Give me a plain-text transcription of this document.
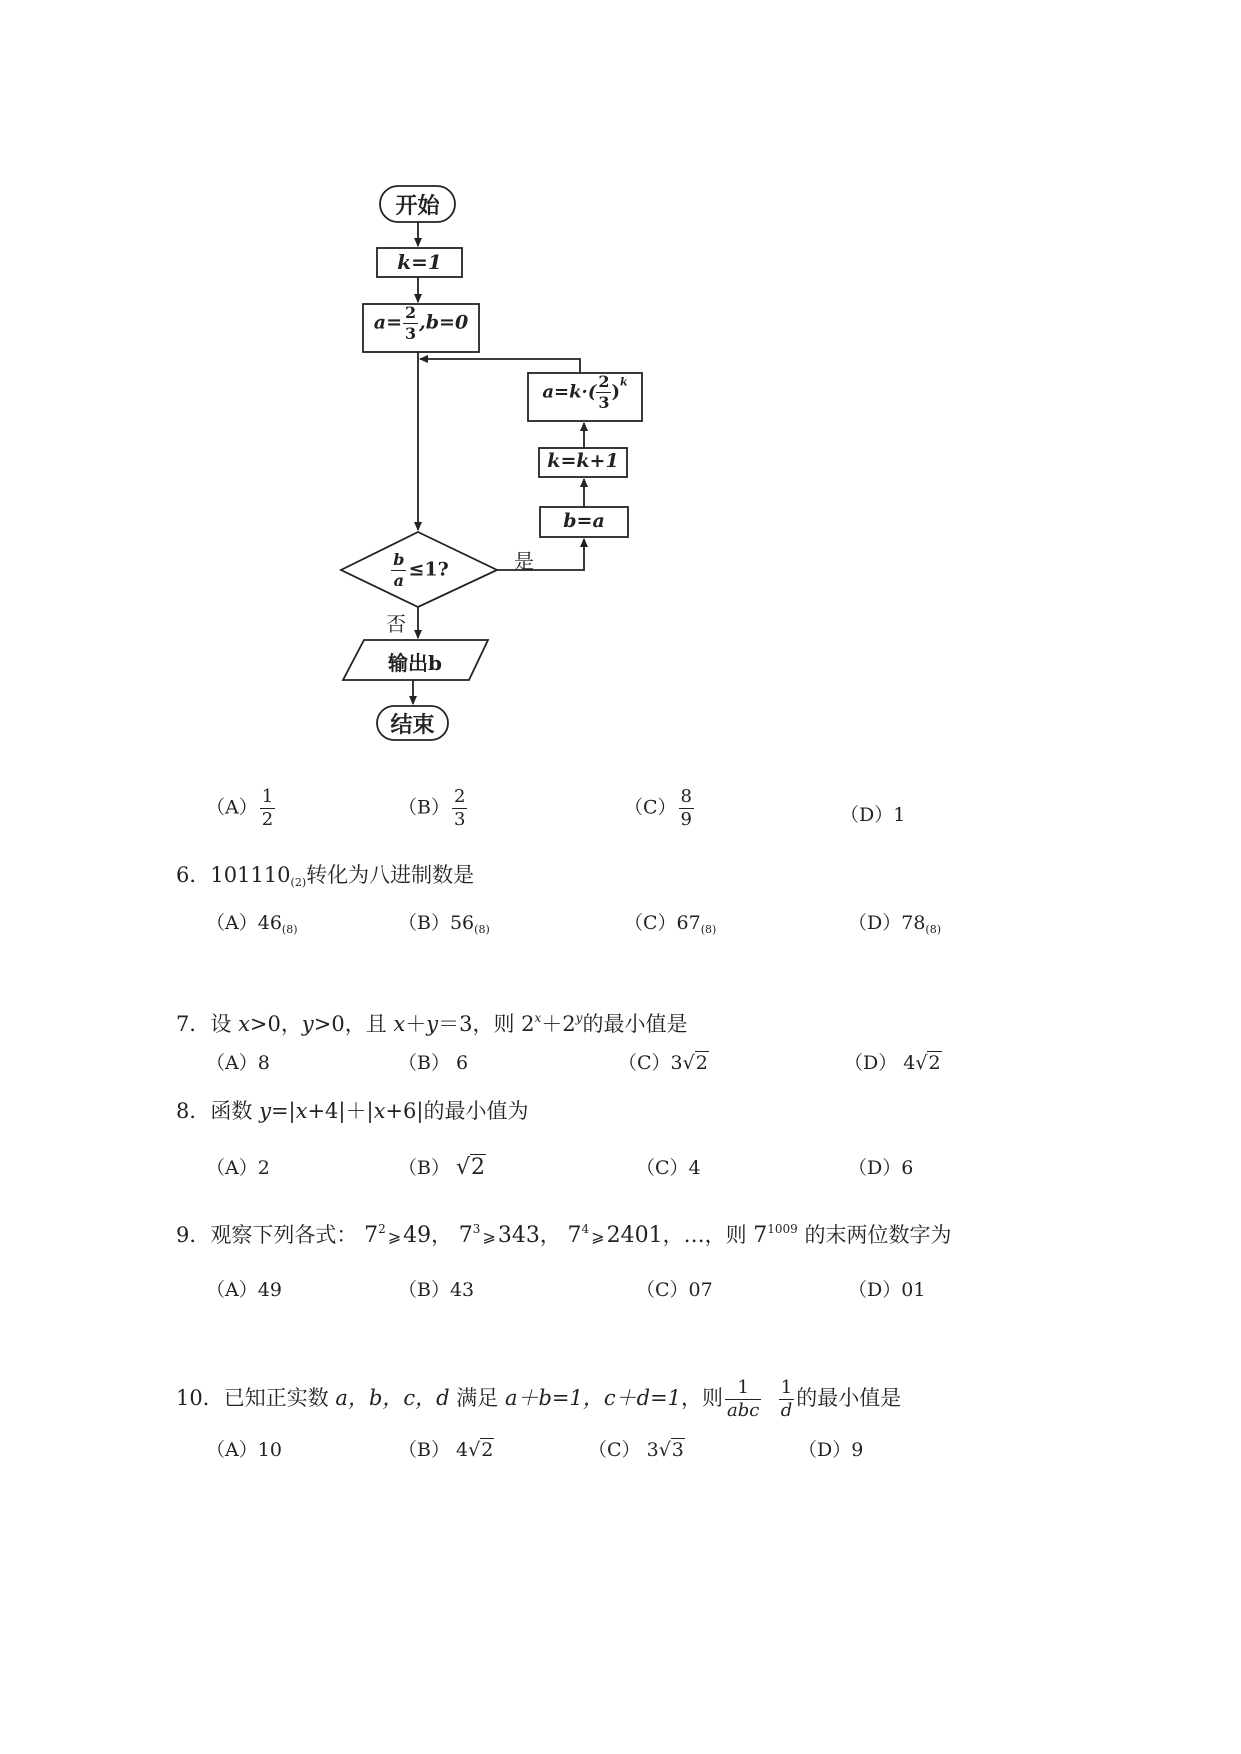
开始
k=1
$a= \frac{2}{3} ,b=0$
$a=k\cdot( \frac{2}{3} )^k$
k=k+1
b=a
$\frac{b}{a} \le 1$?	是
否
输出b
结束
$(A) \frac{1}{2}$	$(B) \frac{2}{3}$	$(C) \frac{8}{9}$	（D）1
6．$101110_{(2)}$转化为八进制数是
$(A)46_{(8)}$	$(B)56_{(8)}$	$(C)67_{(8)}$	$(D)78_{(8)}$
7．设 x>0，y>0，且 x＋y＝3，则 $2^x+2^y$的最小值是
（A）8	（B） 6	（C）3√2	（D） 4√2
8．函数 y=|x+4|＋|x+6|的最小值为
（A）2	（B） √2	（C）4	（D）6
9．观察下列各式： $7^2$ ⩾49， $7^3$ ⩾343， $7^4$ ⩾2401，…，则 $7^{1009}$ 的末两位数字为
（A）49	（B）43	（C）07	（D）01
10．已知正实数 a，b，c，d 满足 a＋b=1，c＋d=1，则 $\frac{1}{\text{abc}}$
$\frac{1}{d}$ 的最小值是
（A）10	（B） 4√2	（C） 3√3	（D）9
